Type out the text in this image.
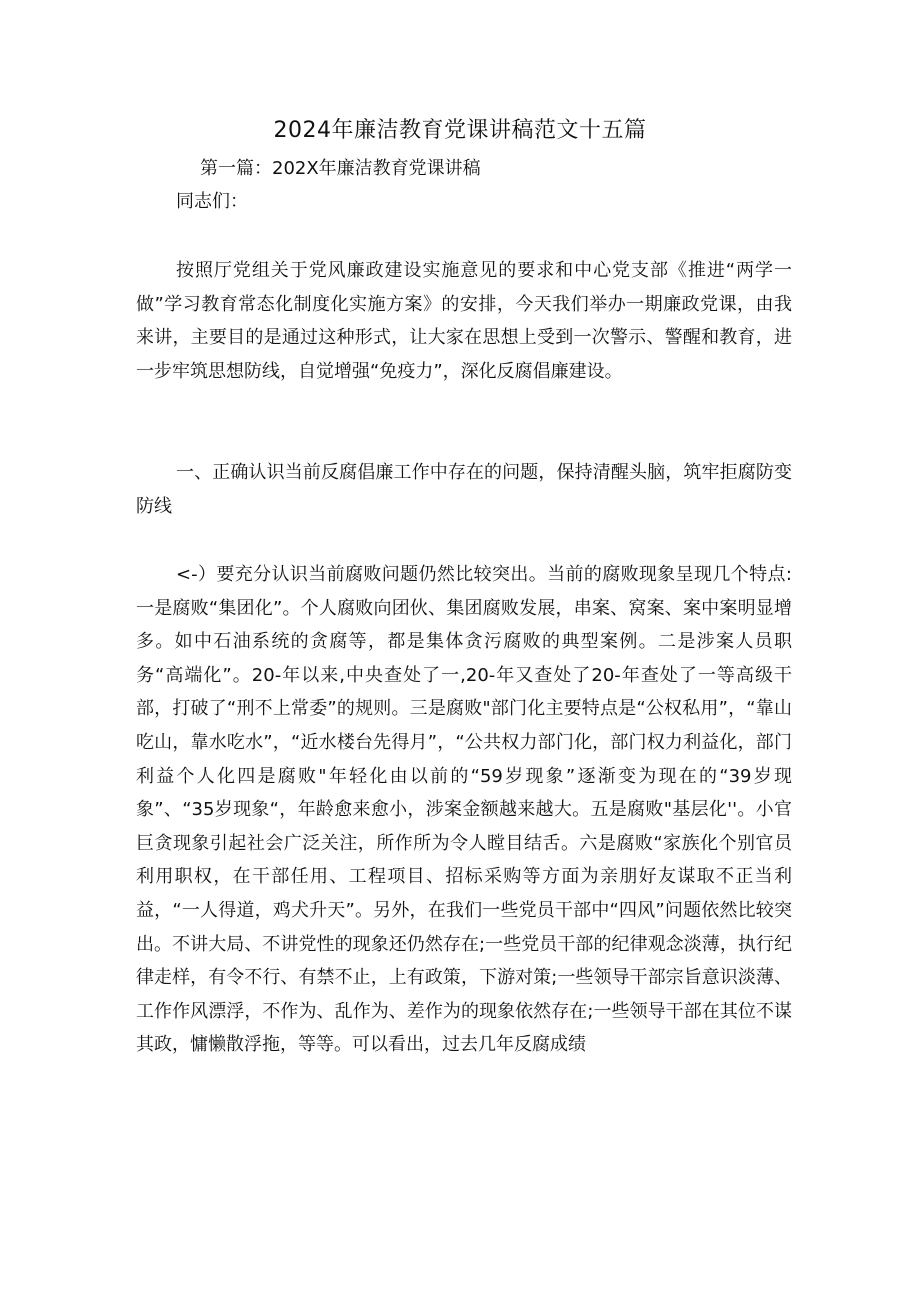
2024年廉洁教育党课讲稿范文十五篇
第一篇：202X年廉洁教育党课讲稿
同志们：

按照厅党组关于党风廉政建设实施意见的要求和中心党支部《推进“两学一做”学习教育常态化制度化实施方案》的安排，今天我们举办一期廉政党课，由我来讲，主要目的是通过这种形式，让大家在思想上受到一次警示、警醒和教育，进一步牢筑思想防线，自觉增强“免疫力”，深化反腐倡廉建设。

一、正确认识当前反腐倡廉工作中存在的问题，保持清醒头脑，筑牢拒腐防变防线

<-）要充分认识当前腐败问题仍然比较突出。当前的腐败现象呈现几个特点:一是腐败“集团化”。个人腐败向团伙、集团腐败发展，串案、窝案、案中案明显增多。如中石油系统的贪腐等，都是集体贪污腐败的典型案例。二是涉案人员职务“高端化”。20-年以来,中央查处了一,20-年又查处了20-年查处了一等高级干部，打破了“刑不上常委”的规则。三是腐败"部门化主要特点是“公权私用”，“靠山吃山，靠水吃水”，“近水楼台先得月”，“公共权力部门化，部门权力利益化，部门利益个人化四是腐败"年轻化由以前的“59岁现象”逐渐变为现在的“39岁现象”、“35岁现象“，年龄愈来愈小，涉案金额越来越大。五是腐败"基层化''。小官巨贪现象引起社会广泛关注，所作所为令人瞠目结舌。六是腐败“家族化个别官员利用职权，在干部任用、工程项目、招标采购等方面为亲朋好友谋取不正当利益，“一人得道，鸡犬升天”。另外，在我们一些党员干部中“四风”问题依然比较突出。不讲大局、不讲党性的现象还仍然存在;一些党员干部的纪律观念淡薄，执行纪律走样，有令不行、有禁不止，上有政策，下游对策;一些领导干部宗旨意识淡薄、工作作风漂浮，不作为、乱作为、差作为的现象依然存在;一些领导干部在其位不谋其政，慵懒散浮拖，等等。可以看出，过去几年反腐成绩
